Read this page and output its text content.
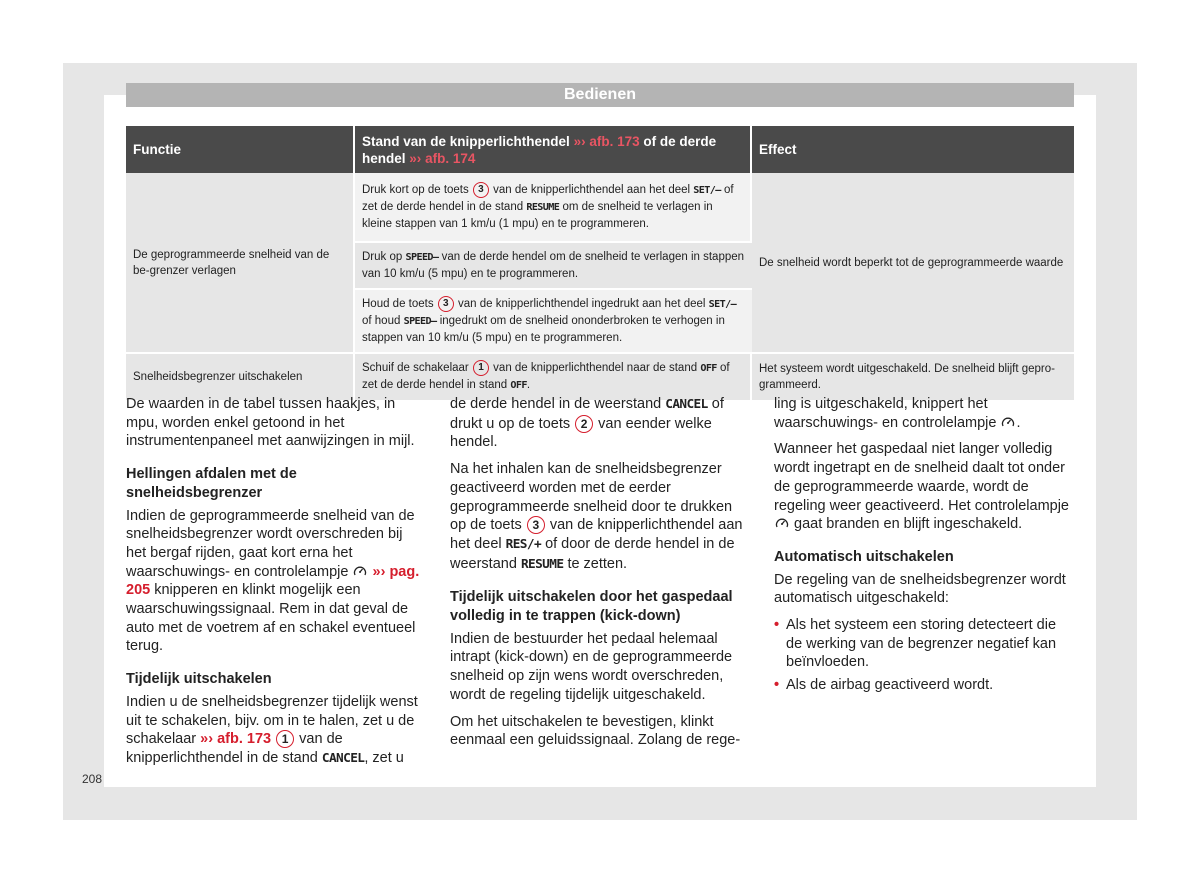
Bedienen
Functie	Stand van de knipperlichthendel »› afb. 173 of de derde hendel »› afb. 174	Effect
De geprogrammeerde snelheid van de be-grenzer verlagen	Druk kort op de toets 3 van de knipperlichthendel aan het deel SET/– of zet de derde hendel in de stand RESUME om de snelheid te verlagen in kleine stappen van 1 km/u (1 mpu) en te programmeren.	De snelheid wordt beperkt tot de geprogrammeerde waarde
	Druk op SPEED– van de derde hendel om de snelheid te verlagen in stappen van 10 km/u (5 mpu) en te programmeren.	
	Houd de toets 3 van de knipperlichthendel ingedrukt aan het deel SET/– of houd SPEED– ingedrukt om de snelheid ononderbroken te verhogen in stappen van 10 km/u (5 mpu) en te programmeren.	
Snelheidsbegrenzer uitschakelen	Schuif de schakelaar 1 van de knipperlichthendel naar de stand OFF of zet de derde hendel in stand OFF.	Het systeem wordt uitgeschakeld. De snelheid blijft gepro-grammeerd.

De waarden in de tabel tussen haakjes, in mpu, worden enkel getoond in het instrumentenpaneel met aanwijzingen in mijl.

Hellingen afdalen met de snelheidsbegrenzer

Indien de geprogrammeerde snelheid van de snelheidsbegrenzer wordt overschreden bij het bergaf rijden, gaat kort erna het waarschuwings- en controlelampje »› pag. 205 knipperen en klinkt mogelijk een waarschuwingssignaal. Rem in dat geval de auto met de voetrem af en schakel eventueel terug.

Tijdelijk uitschakelen

Indien u de snelheidsbegrenzer tijdelijk wenst uit te schakelen, bijv. om in te halen, zet u de schakelaar »› afb. 173 1 van de knipperlichthendel in de stand CANCEL, zet u

de derde hendel in de weerstand CANCEL of drukt u op de toets 2 van eender welke hendel.

Na het inhalen kan de snelheidsbegrenzer geactiveerd worden met de eerder geprogrammeerde snelheid door te drukken op de toets 3 van de knipperlichthendel aan het deel RES/+ of door de derde hendel in de weerstand RESUME te zetten.

Tijdelijk uitschakelen door het gaspedaal volledig in te trappen (kick-down)

Indien de bestuurder het pedaal helemaal intrapt (kick-down) en de geprogrammeerde snelheid op zijn wens wordt overschreden, wordt de regeling tijdelijk uitgeschakeld.

Om het uitschakelen te bevestigen, klinkt eenmaal een geluidssignaal. Zolang de rege-

ling is uitgeschakeld, knippert het waarschuwings- en controlelampje .

Wanneer het gaspedaal niet langer volledig wordt ingetrapt en de snelheid daalt tot onder de geprogrammeerde waarde, wordt de regeling weer geactiveerd. Het controlelampje  gaat branden en blijft ingeschakeld.

Automatisch uitschakelen

De regeling van de snelheidsbegrenzer wordt automatisch uitgeschakeld:

• Als het systeem een storing detecteert die de werking van de begrenzer negatief kan beïnvloeden.
• Als de airbag geactiveerd wordt.
208
